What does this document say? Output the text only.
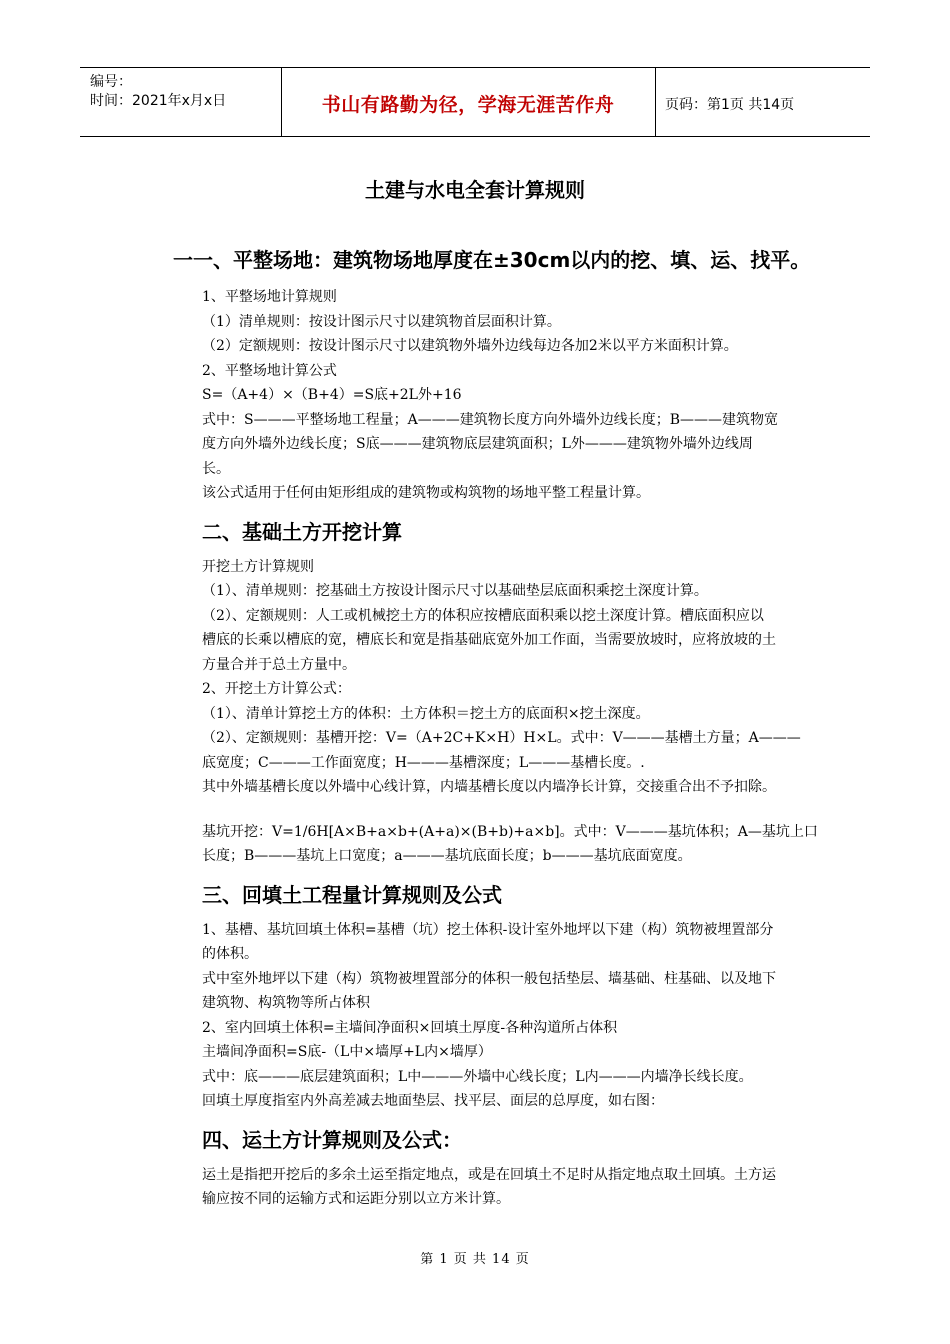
编号：
时间：2021年x月x日	书山有路勤为径，学海无涯苦作舟	页码：第1页 共14页
土建与水电全套计算规则
一一、平整场地：建筑物场地厚度在±30cm以内的挖、填、运、找平。

1、平整场地计算规则

（1）清单规则：按设计图示尺寸以建筑物首层面积计算。

（2）定额规则：按设计图示尺寸以建筑物外墙外边线每边各加2米以平方米面积计算。

2、平整场地计算公式

S=（A+4）×（B+4）=S底+2L外+16

式中：S———平整场地工程量；A———建筑物长度方向外墙外边线长度；B———建筑物宽

度方向外墙外边线长度；S底———建筑物底层建筑面积；L外———建筑物外墙外边线周

长。

该公式适用于任何由矩形组成的建筑物或构筑物的场地平整工程量计算。

二、基础土方开挖计算

开挖土方计算规则

（1）、清单规则：挖基础土方按设计图示尺寸以基础垫层底面积乘挖土深度计算。

（2）、定额规则：人工或机械挖土方的体积应按槽底面积乘以挖土深度计算。槽底面积应以

槽底的长乘以槽底的宽，槽底长和宽是指基础底宽外加工作面，当需要放坡时，应将放坡的土

方量合并于总土方量中。

2、开挖土方计算公式：

（1）、清单计算挖土方的体积：土方体积＝挖土方的底面积×挖土深度。

（2）、定额规则：基槽开挖：V=（A+2C+K×H）H×L。式中：V———基槽土方量；A———

底宽度；C———工作面宽度；H———基槽深度；L———基槽长度。.

其中外墙基槽长度以外墙中心线计算，内墙基槽长度以内墙净长计算，交接重合出不予扣除。

基坑开挖：V=1/6H[A×B+a×b+(A+a)×(B+b)+a×b]。式中：V———基坑体积；A—基坑上口

长度；B———基坑上口宽度；a———基坑底面长度；b———基坑底面宽度。

三、回填土工程量计算规则及公式

1、基槽、基坑回填土体积=基槽（坑）挖土体积-设计室外地坪以下建（构）筑物被埋置部分

的体积。

式中室外地坪以下建（构）筑物被埋置部分的体积一般包括垫层、墙基础、柱基础、以及地下

建筑物、构筑物等所占体积

2、室内回填土体积=主墙间净面积×回填土厚度-各种沟道所占体积

主墙间净面积=S底-（L中×墙厚+L内×墙厚）

式中：底———底层建筑面积；L中———外墙中心线长度；L内———内墙净长线长度。

回填土厚度指室内外高差减去地面垫层、找平层、面层的总厚度，如右图：

四、运土方计算规则及公式：

运土是指把开挖后的多余土运至指定地点，或是在回填土不足时从指定地点取土回填。土方运

输应按不同的运输方式和运距分别以立方米计算。

第 1 页 共 14 页
